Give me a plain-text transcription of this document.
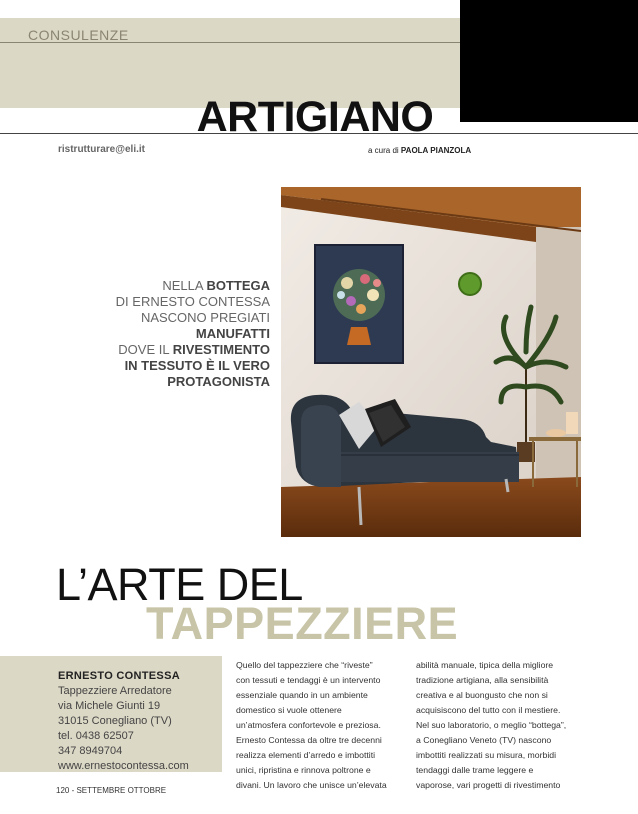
CONSULENZE
ARTIGIANO
ristrutturare@eli.it	a cura di PAOLA PIANZOLA
NELLA BOTTEGA
DI ERNESTO CONTESSA
NASCONO PREGIATI
MANUFATTI
DOVE IL RIVESTIMENTO
IN TESSUTO È IL VERO
PROTAGONISTA
L’ARTE DEL
TAPPEZZIERE
ERNESTO CONTESSA
Tappezziere Arredatore
via Michele Giunti 19
31015 Conegliano (TV)
tel. 0438 62507
347 8949704
www.ernestocontessa.com
Quello del tappezziere che “riveste”
con tessuti e tendaggi è un intervento
essenziale quando in un ambiente
domestico si vuole ottenere
un’atmosfera confortevole e preziosa.
Ernesto Contessa da oltre tre decenni
realizza elementi d’arredo e imbottiti
unici, ripristina e rinnova poltrone e
divani. Un lavoro che unisce un’elevata
abilità manuale, tipica della migliore
tradizione artigiana, alla sensibilità
creativa e al buongusto che non si
acquisiscono del tutto con il mestiere.
Nel suo laboratorio, o meglio “bottega”,
a Conegliano Veneto (TV) nascono
imbottiti realizzati su misura, morbidi
tendaggi dalle trame leggere e
vaporose, vari progetti di rivestimento
120 - SETTEMBRE OTTOBRE
